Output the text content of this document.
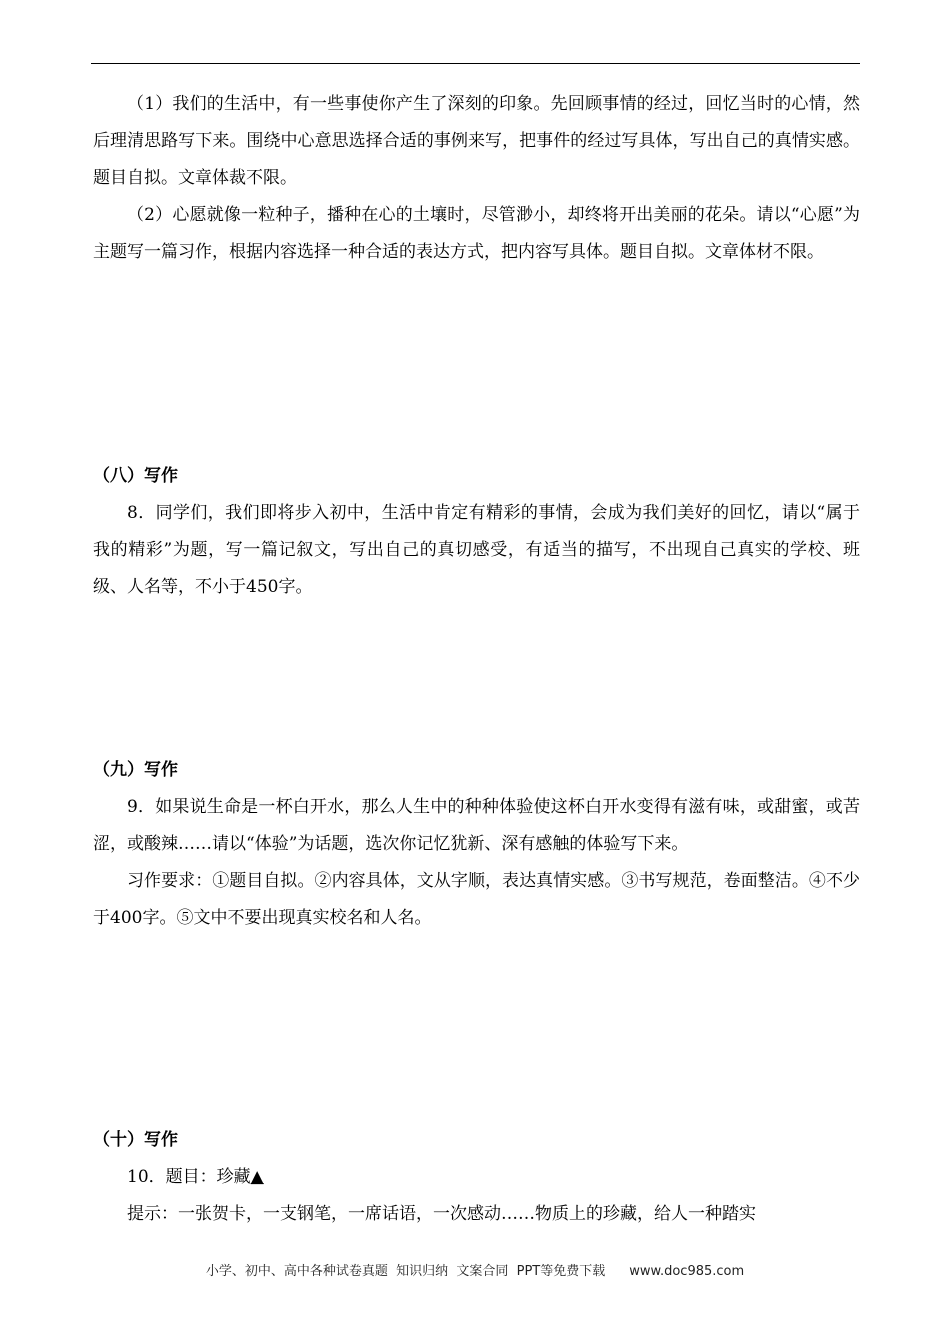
（1）我们的生活中，有一些事使你产生了深刻的印象。先回顾事情的经过，回忆当时的心情，然后理清思路写下来。围绕中心意思选择合适的事例来写，把事件的经过写具体，写出自己的真情实感。题目自拟。文章体裁不限。

（2）心愿就像一粒种子，播种在心的土壤时，尽管渺小，却终将开出美丽的花朵。请以“心愿”为主题写一篇习作，根据内容选择一种合适的表达方式，把内容写具体。题目自拟。文章体材不限。

（八）写作

8．同学们，我们即将步入初中，生活中肯定有精彩的事情，会成为我们美好的回忆，请以“属于我的精彩”为题，写一篇记叙文，写出自己的真切感受，有适当的描写，不出现自己真实的学校、班级、人名等，不小于450字。

（九）写作

9．如果说生命是一杯白开水，那么人生中的种种体验使这杯白开水变得有滋有味，或甜蜜，或苦涩，或酸辣……请以“体验”为话题，选次你记忆犹新、深有感触的体验写下来。

习作要求：①题目自拟。②内容具体，文从字顺，表达真情实感。③书写规范，卷面整洁。④不少于400字。⑤文中不要出现真实校名和人名。

（十）写作

10．题目：珍藏▲

提示：一张贺卡，一支钢笔，一席话语，一次感动……物质上的珍藏，给人一种踏实

小学、初中、高中各种试卷真题  知识归纳  文案合同  PPT等免费下载 www.doc985.com
